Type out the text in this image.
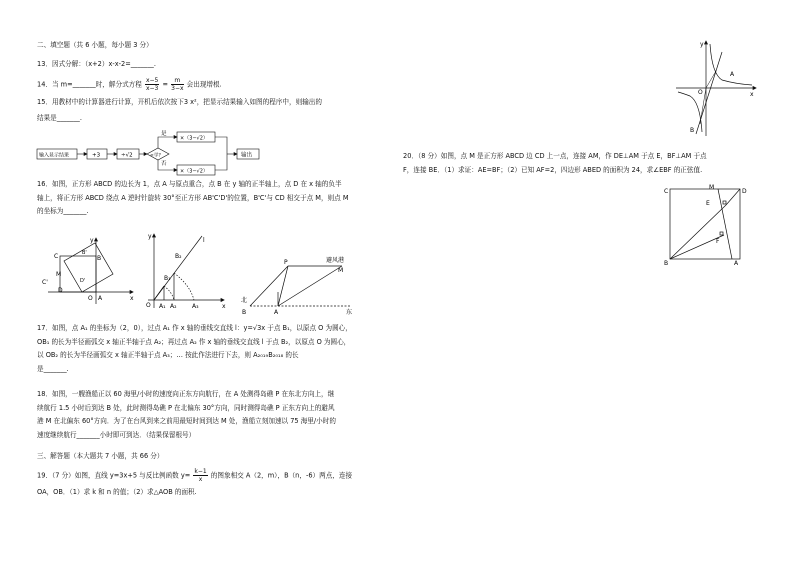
二、填空题（共 6 小题，每小题 3 分）
13．因式分解：（x+2）x-x-2=_______.
14．当 m=_______时，解分式方程 $\frac{x-5}{x-3} = \frac{m}{3-x}$ 会出现增根.
15．用教材中的计算器进行计算，开机后依次按下3 x²，把显示结果输入如图的程序中，则输出的
结果是_______.
输入显示结果	+3	÷√2	<学?
是
否
×（3−√2）
×（3−√2）
输出
16．如图，正方形 ABCD 的边长为 1，点 A 与原点重合，点 B 在 y 轴的正半轴上，点 D 在 x 轴的负半
轴上，将正方形 ABCD 绕点 A 逆时针旋转 30°至正方形 AB'C'D'的位置，B'C'与 CD 相交于点 M，则点 M
的坐标为_______.
C	B'
B
M
C'
D
O A	x
y
D'
y
l
B₂
B₁
O A₁ A₂	A₃	x
P	避风港
M
北
B	A	东
17．如图，点 A₁ 的坐标为（2，0），过点 A₁ 作 x 轴的垂线交直线 l：y=√3x 于点 B₁，以原点 O 为圆心，
OB₁ 的长为半径画弧交 x 轴正半轴于点 A₂；再过点 A₂ 作 x 轴的垂线交直线 l 于点 B₂，以原点 O 为圆心，
以 OB₂ 的长为半径画弧交 x 轴正半轴于点 A₃；… 按此作法进行下去，则 A₂₀₁₉B₂₀₁₈ 的长
是_______.
18．如图，一艘渔船正以 60 海里/小时的速度向正东方向航行，在 A 处测得岛礁 P 在东北方向上，继
续航行 1.5 小时后到达 B 处，此时测得岛礁 P 在北偏东 30°方向，同时测得岛礁 P 正东方向上的避风
港 M 在北偏东 60°方向．为了在台风到来之前用最短时间到达 M 处，渔船立刻加速以 75 海里/小时的
速度继续航行_______小时即可到达．（结果保留根号）
三、解答题（本大题共 7 小题，共 66 分）
19．（7 分）如图，直线 y=3x+5 与反比例函数 $y= \frac{k-1}{x}$ 的图象相交 A（2，m），B（n，-6）两点，连接
OA，OB．（1）求 k 和 n 的值；（2）求△AOB 的面积.
y
A
O	x
B
20．（8 分）如图，点 M 是正方形 ABCD 边 CD 上一点，连接 AM，作 DE⊥AM 于点 E，BF⊥AM 于点
F，连接 BE．（1）求证：AE=BF；（2）已知 AF=2，四边形 ABED 的面积为 24，求∠EBF 的正弦值.
C
M
D
E
F
B	A
